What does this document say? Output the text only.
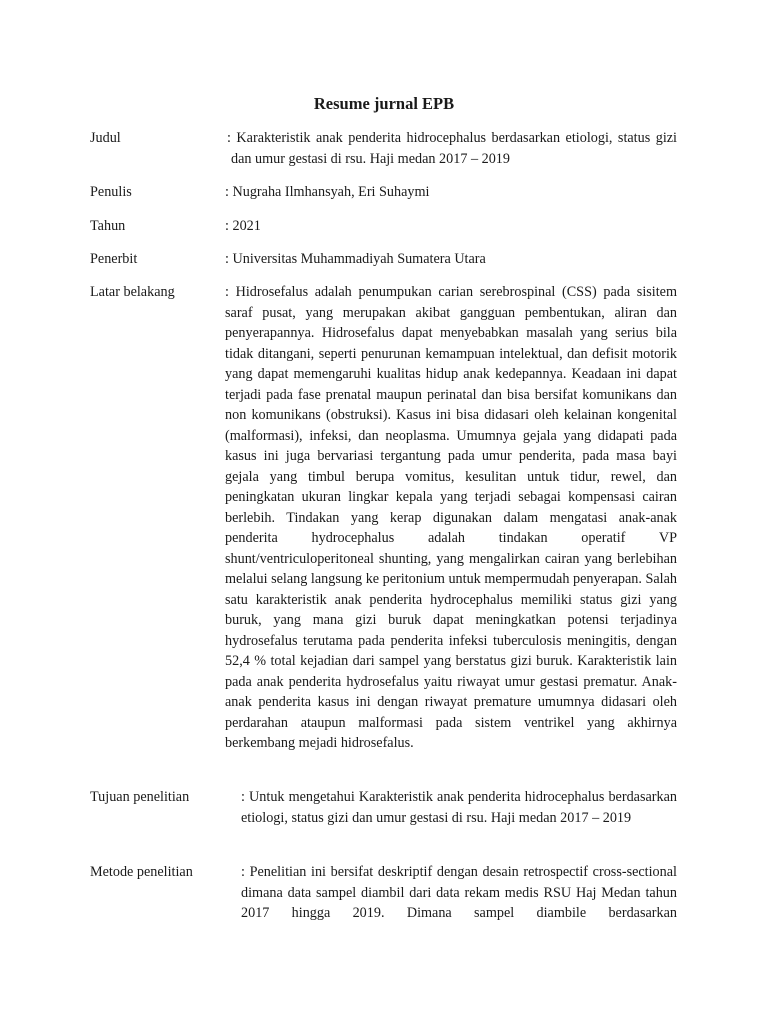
Resume jurnal EPB
Judul	: Karakteristik anak penderita hidrocephalus berdasarkan etiologi, status gizi dan umur gestasi di rsu. Haji medan 2017 – 2019
Penulis	: Nugraha Ilmhansyah, Eri Suhaymi
Tahun	: 2021
Penerbit	: Universitas Muhammadiyah Sumatera Utara
Latar belakang	: Hidrosefalus adalah penumpukan carian serebrospinal (CSS) pada sisitem saraf pusat, yang merupakan akibat gangguan pembentukan, aliran dan penyerapannya. Hidrosefalus dapat menyebabkan masalah yang serius bila tidak ditangani, seperti penurunan kemampuan intelektual, dan defisit motorik yang dapat memengaruhi kualitas hidup anak kedepannya. Keadaan ini dapat terjadi pada fase prenatal maupun perinatal dan bisa bersifat komunikans dan non komunikans (obstruksi). Kasus ini bisa didasari oleh kelainan kongenital (malformasi), infeksi, dan neoplasma. Umumnya gejala yang didapati pada kasus ini juga bervariasi tergantung pada umur penderita, pada masa bayi gejala yang timbul berupa vomitus, kesulitan untuk tidur, rewel, dan peningkatan ukuran lingkar kepala yang terjadi sebagai kompensasi cairan berlebih. Tindakan yang kerap digunakan dalam mengatasi anak-anak penderita hydrocephalus adalah tindakan operatif VP shunt/ventriculoperitoneal shunting, yang mengalirkan cairan yang berlebihan melalui selang langsung ke peritonium untuk mempermudah penyerapan. Salah satu karakteristik anak penderita hydrocephalus memiliki status gizi yang buruk, yang mana gizi buruk dapat meningkatkan potensi terjadinya hydrosefalus terutama pada penderita infeksi tuberculosis meningitis, dengan 52,4 % total kejadian dari sampel yang berstatus gizi buruk. Karakteristik lain pada anak penderita hydrosefalus yaitu riwayat umur gestasi prematur. Anak-anak penderita kasus ini dengan riwayat premature umumnya didasari oleh perdarahan ataupun malformasi pada sistem ventrikel yang akhirnya berkembang mejadi hidrosefalus.
Tujuan penelitian	: Untuk mengetahui Karakteristik anak penderita hidrocephalus berdasarkan etiologi, status gizi dan umur gestasi di rsu. Haji medan 2017 – 2019
Metode penelitian	: Penelitian ini bersifat deskriptif dengan desain retrospectif cross-sectional dimana data sampel diambil dari data rekam medis RSU Haj Medan tahun 2017 hingga 2019. Dimana sampel diambile berdasarkan
